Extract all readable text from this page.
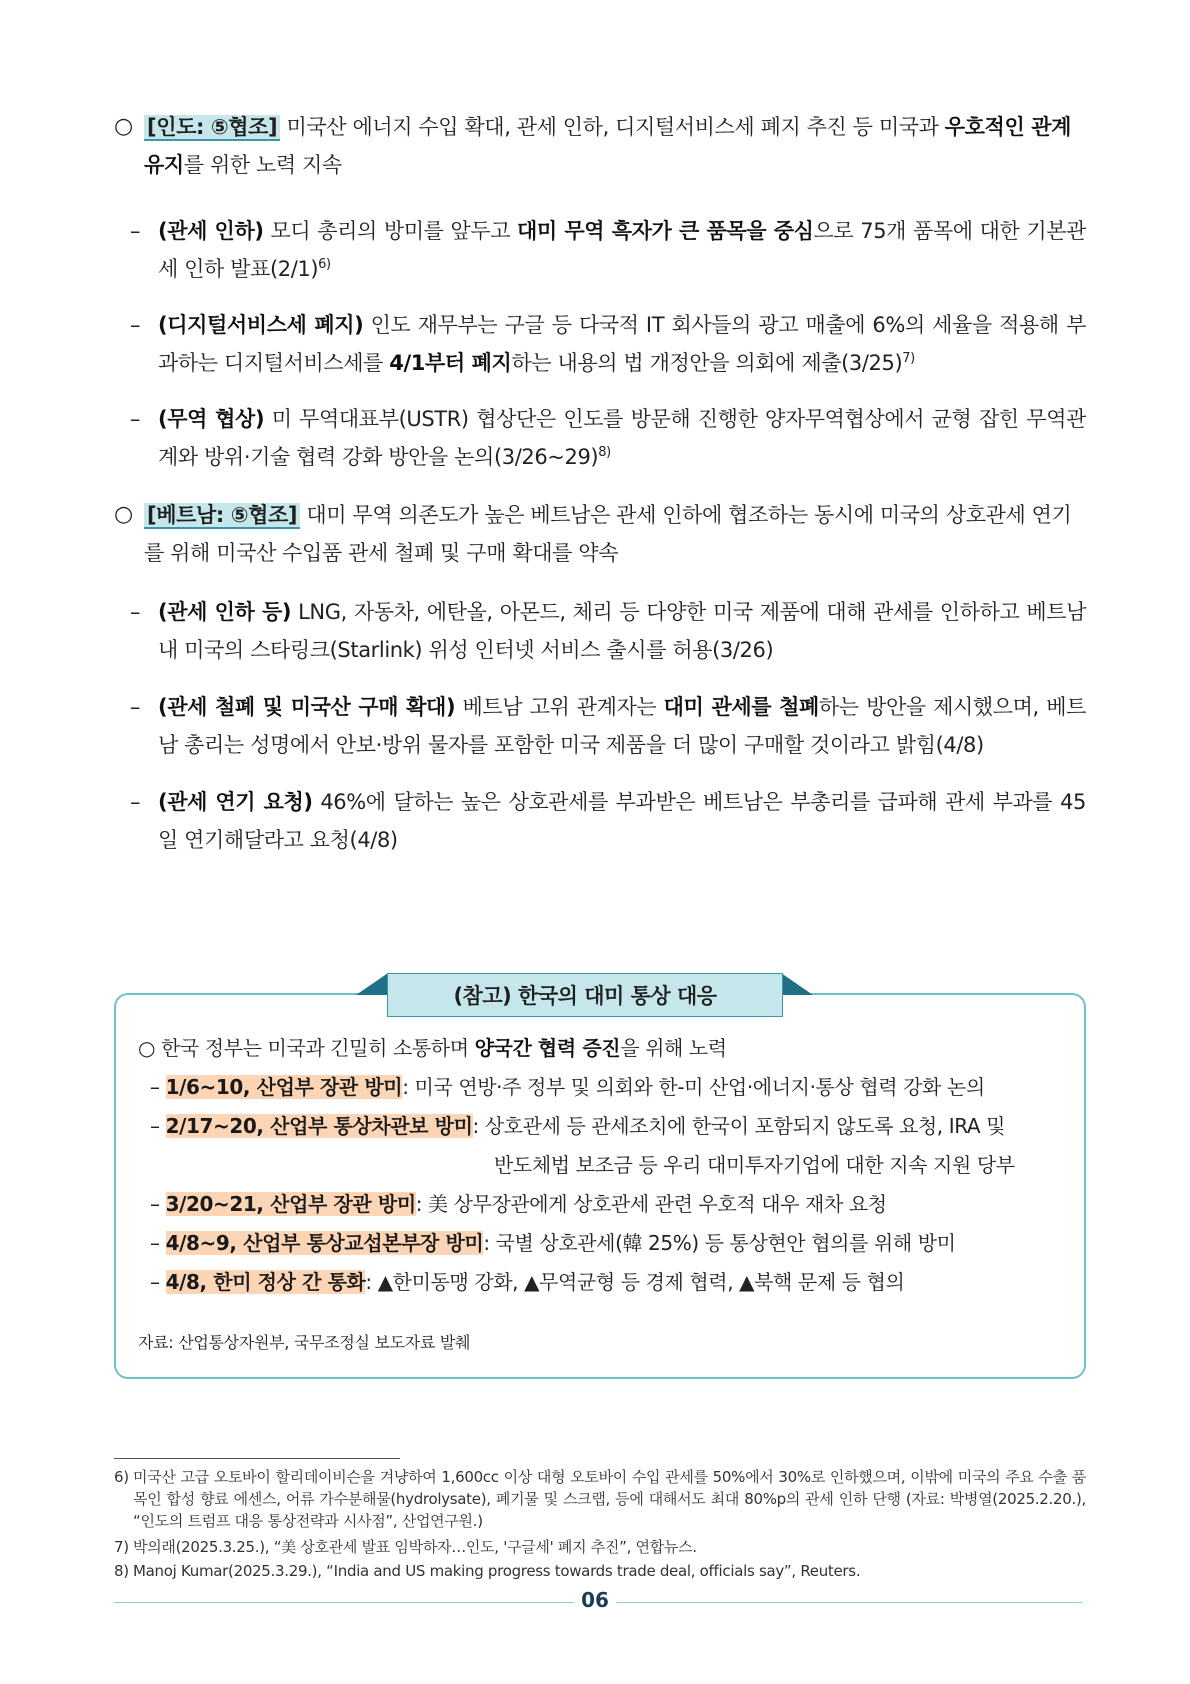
○ [인도: ⑤협조] 미국산 에너지 수입 확대, 관세 인하, 디지털서비스세 폐지 추진 등 미국과 우호적인 관계 유지를 위한 노력 지속
– (관세 인하) 모디 총리의 방미를 앞두고 대미 무역 흑자가 큰 품목을 중심으로 75개 품목에 대한 기본관세 인하 발표$(2/1)^{6)}$
– (디지털서비스세 폐지) 인도 재무부는 구글 등 다국적 IT 회사들의 광고 매출에 6%의 세율을 적용해 부과하는 디지털서비스세를 4/1부터 폐지하는 내용의 법 개정안을 의회에 제출$(3/25)^{7)}$
– (무역 협상) 미 무역대표부(USTR) 협상단은 인도를 방문해 진행한 양자무역협상에서 균형 잡힌 무역관계와 방위·기술 협력 강화 방안을 논의(3/26~29)$^{8)}$
○ [베트남: ⑤협조] 대미 무역 의존도가 높은 베트남은 관세 인하에 협조하는 동시에 미국의 상호관세 연기를 위해 미국산 수입품 관세 철폐 및 구매 확대를 약속
– (관세 인하 등) LNG, 자동차, 에탄올, 아몬드, 체리 등 다양한 미국 제품에 대해 관세를 인하하고 베트남 내 미국의 스타링크(Starlink) 위성 인터넷 서비스 출시를 허용(3/26)
– (관세 철폐 및 미국산 구매 확대) 베트남 고위 관계자는 대미 관세를 철폐하는 방안을 제시했으며, 베트남 총리는 성명에서 안보·방위 물자를 포함한 미국 제품을 더 많이 구매할 것이라고 밝힘(4/8)
– (관세 연기 요청) 46%에 달하는 높은 상호관세를 부과받은 베트남은 부총리를 급파해 관세 부과를 45일 연기해달라고 요청(4/8)
(참고) 한국의 대미 통상 대응
○ 한국 정부는 미국과 긴밀히 소통하며 양국간 협력 증진을 위해 노력
– 1/6~10, 산업부 장관 방미: 미국 연방·주 정부 및 의회와 한-미 산업·에너지·통상 협력 강화 논의
– 2/17~20, 산업부 통상차관보 방미: 상호관세 등 관세조치에 한국이 포함되지 않도록 요청, IRA 및
반도체법 보조금 등 우리 대미투자기업에 대한 지속 지원 당부
– 3/20~21, 산업부 장관 방미: 美 상무장관에게 상호관세 관련 우호적 대우 재차 요청
– 4/8~9, 산업부 통상교섭본부장 방미: 국별 상호관세(韓 25%) 등 통상현안 협의를 위해 방미
– 4/8, 한미 정상 간 통화: ▲한미동맹 강화, ▲무역균형 등 경제 협력, ▲북핵 문제 등 협의
자료: 산업통상자원부, 국무조정실 보도자료 발췌
6) 미국산 고급 오토바이 할리데이비슨을 겨냥하여 1,600cc 이상 대형 오토바이 수입 관세를 50%에서 30%로 인하했으며, 이밖에 미국의 주요 수출 품목인 합성 향료 에센스, 어류 가수분해물(hydrolysate), 폐기물 및 스크랩, 등에 대해서도 최대 80%p의 관세 인하 단행 (자료: 박병열(2025.2.20.), “인도의 트럼프 대응 통상전략과 시사점”, 산업연구원.)
7) 박의래(2025.3.25.), “美 상호관세 발표 임박하자…인도, '구글세' 폐지 추진”, 연합뉴스.
8) Manoj Kumar(2025.3.29.), “India and US making progress towards trade deal, officials say”, Reuters.
06
